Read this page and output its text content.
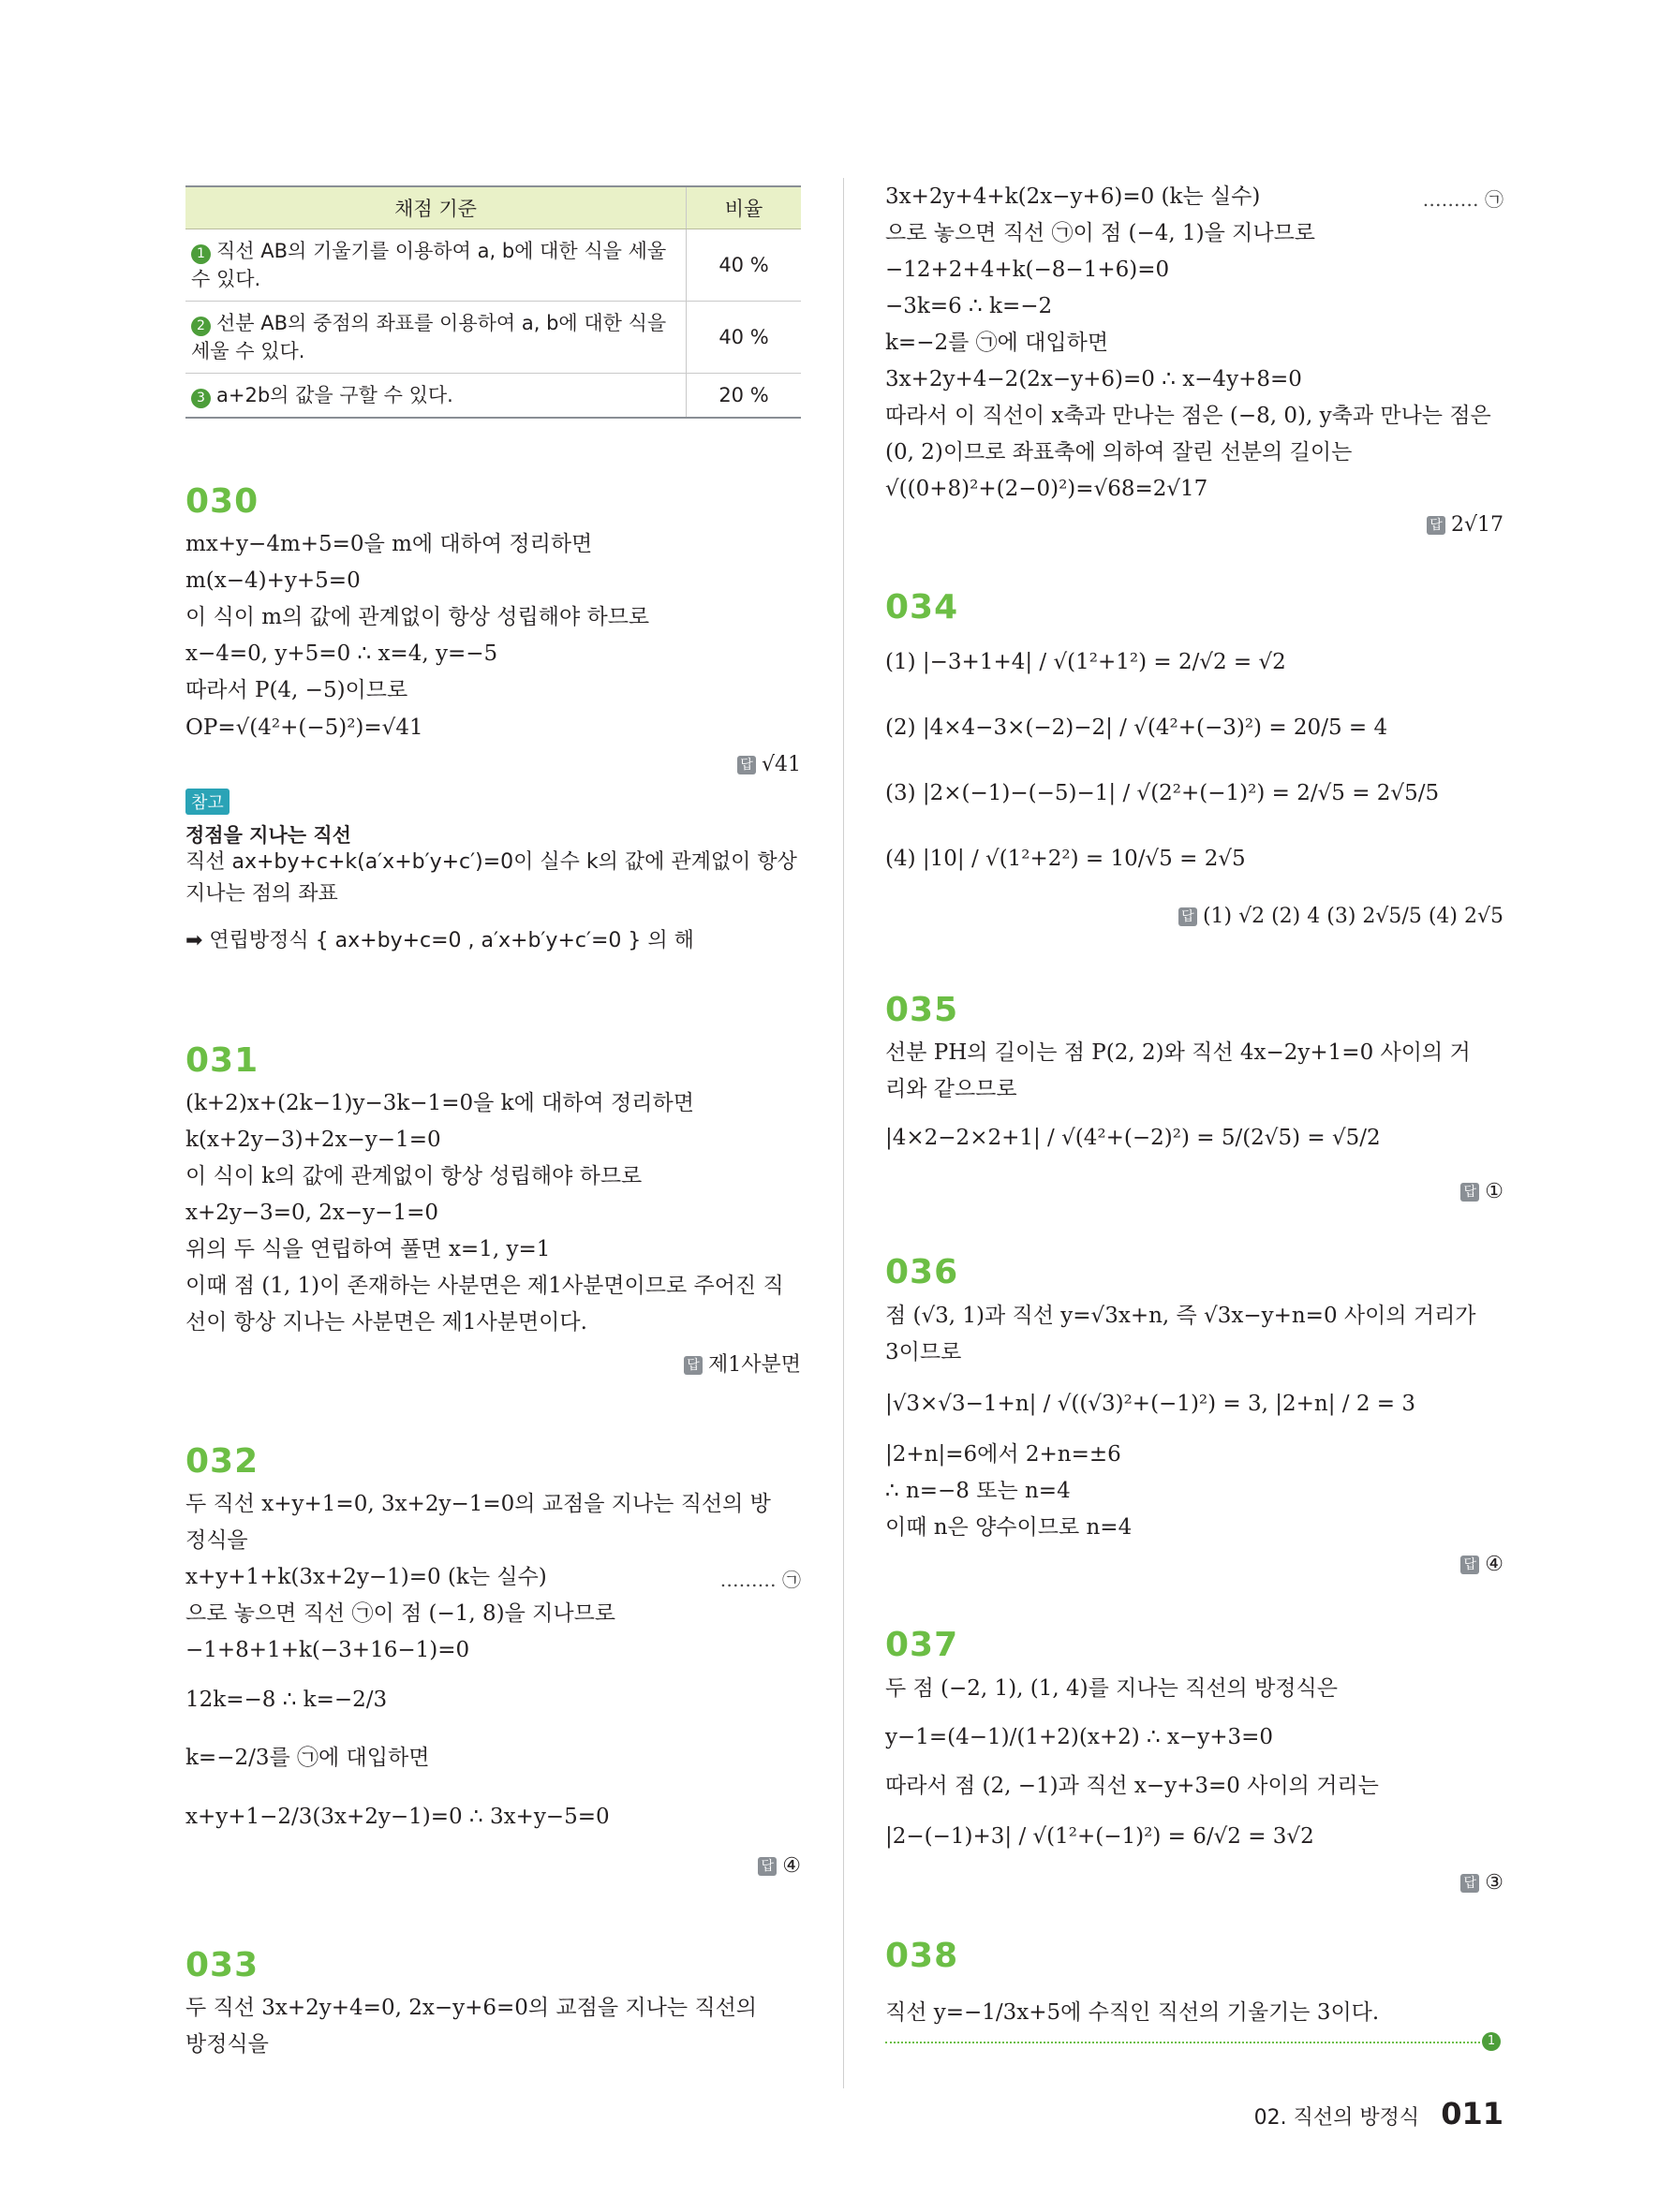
채점 기준	비율
1 직선 AB의 기울기를 이용하여 a, b에 대한 식을 세울 수 있다.	40 %
2 선분 AB의 중점의 좌표를 이용하여 a, b에 대한 식을 세울 수 있다.	40 %
3 a+2b의 값을 구할 수 있다.	20 %
030
mx+y−4m+5=0을 m에 대하여 정리하면
m(x−4)+y+5=0
이 식이 m의 값에 관계없이 항상 성립해야 하므로
x−4=0, y+5=0 ∴ x=4, y=−5
따라서 P(4, −5)이므로
OP=√(4²+(−5)²)=√41
답 √41
참고
정점을 지나는 직선
직선 ax+by+c+k(a′x+b′y+c′)=0이 실수 k의 값에 관계없이 항상
지나는 점의 좌표
➡ 연립방정식 { ax+by+c=0 , a′x+b′y+c′=0 } 의 해
031
(k+2)x+(2k−1)y−3k−1=0을 k에 대하여 정리하면
k(x+2y−3)+2x−y−1=0
이 식이 k의 값에 관계없이 항상 성립해야 하므로
x+2y−3=0, 2x−y−1=0
위의 두 식을 연립하여 풀면 x=1, y=1
이때 점 (1, 1)이 존재하는 사분면은 제1사분면이므로 주어진 직
선이 항상 지나는 사분면은 제1사분면이다.
답 제1사분면
032
두 직선 x+y+1=0, 3x+2y−1=0의 교점을 지나는 직선의 방
정식을
x+y+1+k(3x+2y−1)=0 (k는 실수)	……… ㉠
으로 놓으면 직선 ㉠이 점 (−1, 8)을 지나므로
−1+8+1+k(−3+16−1)=0
12k=−8 ∴ k=−2/3
k=−2/3를 ㉠에 대입하면
x+y+1−2/3(3x+2y−1)=0 ∴ 3x+y−5=0
답 ④
033
두 직선 3x+2y+4=0, 2x−y+6=0의 교점을 지나는 직선의
방정식을
3x+2y+4+k(2x−y+6)=0 (k는 실수)	……… ㉠
으로 놓으면 직선 ㉠이 점 (−4, 1)을 지나므로
−12+2+4+k(−8−1+6)=0
−3k=6 ∴ k=−2
k=−2를 ㉠에 대입하면
3x+2y+4−2(2x−y+6)=0 ∴ x−4y+8=0
따라서 이 직선이 x축과 만나는 점은 (−8, 0), y축과 만나는 점은
(0, 2)이므로 좌표축에 의하여 잘린 선분의 길이는
√((0+8)²+(2−0)²)=√68=2√17
답 2√17
034
(1) |−3+1+4| / √(1²+1²) = 2/√2 = √2
(2) |4×4−3×(−2)−2| / √(4²+(−3)²) = 20/5 = 4
(3) |2×(−1)−(−5)−1| / √(2²+(−1)²) = 2/√5 = 2√5/5
(4) |10| / √(1²+2²) = 10/√5 = 2√5
답 (1) √2 (2) 4 (3) 2√5/5 (4) 2√5
035
선분 PH의 길이는 점 P(2, 2)와 직선 4x−2y+1=0 사이의 거
리와 같으므로
|4×2−2×2+1| / √(4²+(−2)²) = 5/(2√5) = √5/2
답 ①
036
점 (√3, 1)과 직선 y=√3x+n, 즉 √3x−y+n=0 사이의 거리가
3이므로
|√3×√3−1+n| / √((√3)²+(−1)²) = 3, |2+n| / 2 = 3
|2+n|=6에서 2+n=±6
∴ n=−8 또는 n=4
이때 n은 양수이므로 n=4
답 ④
037
두 점 (−2, 1), (1, 4)를 지나는 직선의 방정식은
y−1=(4−1)/(1+2)(x+2) ∴ x−y+3=0
따라서 점 (2, −1)과 직선 x−y+3=0 사이의 거리는
|2−(−1)+3| / √(1²+(−1)²) = 6/√2 = 3√2
답 ③
038
직선 y=−1/3x+5에 수직인 직선의 기울기는 3이다.
1
02. 직선의 방정식 011
